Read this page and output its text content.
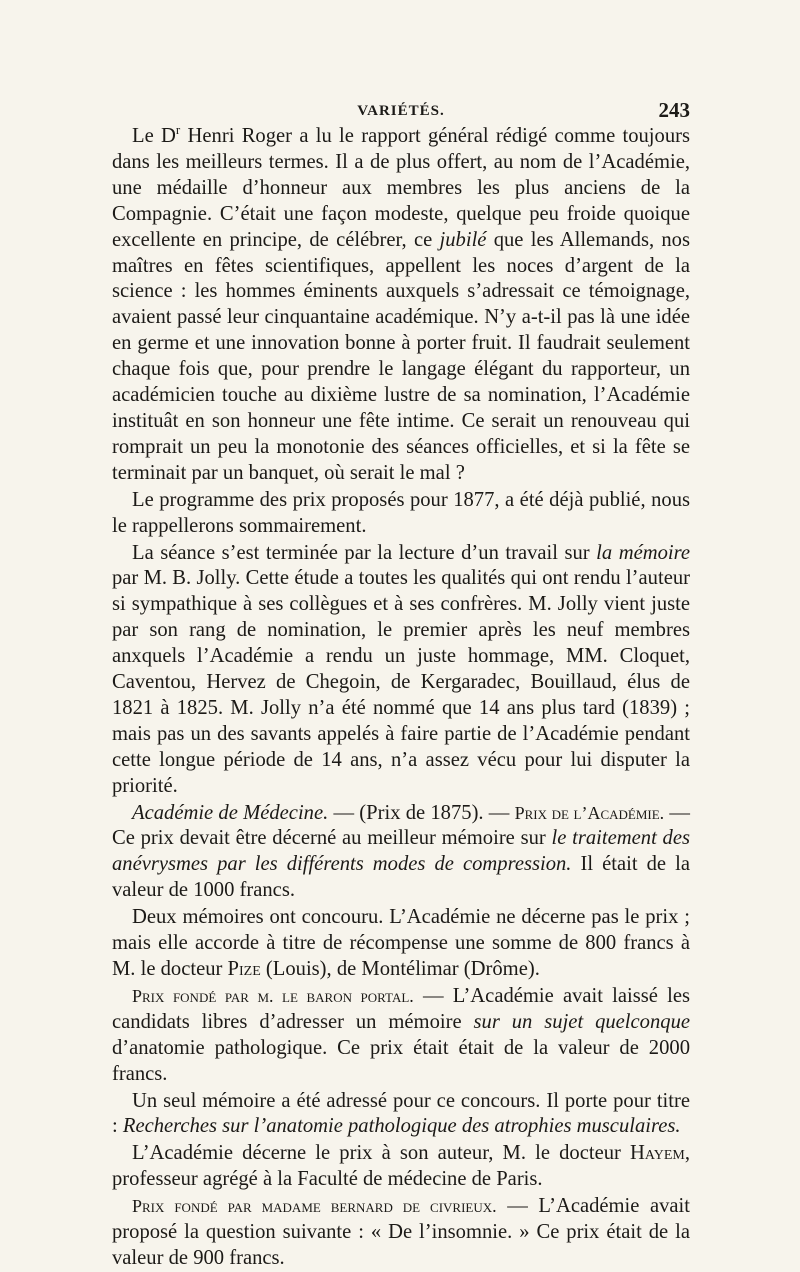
VARIÉTÉS.	243

Le $D^r$ Henri Roger a lu le rapport général rédigé comme toujours dans les meilleurs termes. Il a de plus offert, au nom de l’Académie, une médaille d’honneur aux membres les plus anciens de la Compagnie. C’était une façon modeste, quelque peu froide quoique excellente en principe, de célébrer, ce jubilé que les Allemands, nos maîtres en fêtes scientifiques, appellent les noces d’argent de la science : les hommes éminents auxquels s’adressait ce témoignage, avaient passé leur cinquantaine académique. N’y a-t-il pas là une idée en germe et une innovation bonne à porter fruit. Il faudrait seulement chaque fois que, pour prendre le langage élégant du rapporteur, un académicien touche au dixième lustre de sa nomination, l’Académie instituât en son honneur une fête intime. Ce serait un renouveau qui romprait un peu la monotonie des séances officielles, et si la fête se terminait par un banquet, où serait le mal ?

Le programme des prix proposés pour 1877, a été déjà publié, nous le rappellerons sommairement.

La séance s’est terminée par la lecture d’un travail sur la mémoire par M. B. Jolly. Cette étude a toutes les qualités qui ont rendu l’auteur si sympathique à ses collègues et à ses confrères. M. Jolly vient juste par son rang de nomination, le premier après les neuf membres anxquels l’Académie a rendu un juste hommage, MM. Cloquet, Caventou, Hervez de Chegoin, de Kergaradec, Bouillaud, élus de 1821 à 1825. M. Jolly n’a été nommé que 14 ans plus tard (1839) ; mais pas un des savants appelés à faire partie de l’Académie pendant cette longue période de 14 ans, n’a assez vécu pour lui disputer la priorité.

Académie de Médecine. — (Prix de 1875). — Prix de l’Académie. — Ce prix devait être décerné au meilleur mémoire sur le traitement des anévrysmes par les différents modes de compression. Il était de la valeur de 1000 francs.

Deux mémoires ont concouru. L’Académie ne décerne pas le prix ; mais elle accorde à titre de récompense une somme de 800 francs à M. le docteur Pize (Louis), de Montélimar (Drôme).

Prix fondé par m. le baron portal. — L’Académie avait laissé les candidats libres d’adresser un mémoire sur un sujet quelconque d’anatomie pathologique. Ce prix était était de la valeur de 2000 francs.

Un seul mémoire a été adressé pour ce concours. Il porte pour titre : Recherches sur l’anatomie pathologique des atrophies musculaires.

L’Académie décerne le prix à son auteur, M. le docteur Hayem, professeur agrégé à la Faculté de médecine de Paris.

Prix fondé par madame bernard de civrieux. — L’Académie avait proposé la question suivante : « De l’insomnie. » Ce prix était de la valeur de 900 francs.
